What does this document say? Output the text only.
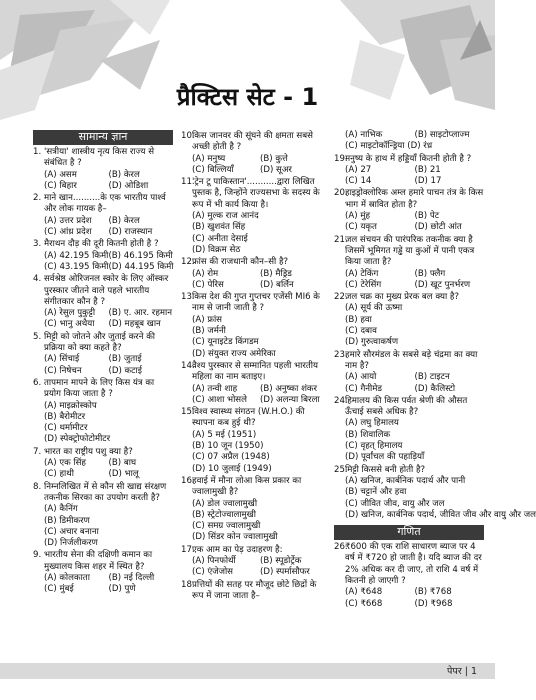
प्रैक्टिस सेट - 1
सामान्य ज्ञान
1. 'सत्रीया' शास्त्रीय नृत्य किस राज्य से संबंधित है ?
(A) असम	(B) केरल
(C) बिहार	(D) ओडिशा
2. माने खान..........के एक भारतीय पार्श्व और लोक गायक है–
(A) उत्तर प्रदेश	(B) केरल
(C) आंध्र प्रदेश	(D) राजस्थान
3. मैराथन दौड़ की दूरी कितनी होती है ?
(A) 42.195 किमी (B) 46.195 किमी
(C) 43.195 किमी (D) 44.195 किमी
4. सर्वश्रेष्ठ ओरिजनल स्कोर के लिए ऑस्कर पुरस्कार जीतने वाले पहले भारतीय संगीतकार कौन है ?
(A) रेसुल पुकुट्टी	(B) ए. आर. रहमान
(C) भानु अथैया	(D) महबूब खान
5. मिट्टी को जोतने और जुताई करने की प्रक्रिया को क्या कहते है?
(A) सिंचाई	(B) जुताई
(C) निषेचन	(D) कटाई
6. तापमान मापने के लिए किस यंत्र का प्रयोग किया जाता है ?
(A) माइक्रोस्कोप
(B) बैरोमीटर
(C) थर्मामीटर
(D) स्पेक्ट्रोफोटोमीटर
7. भारत का राष्ट्रीय पशु क्या है?
(A) एक सिंह	(B) बाघ
(C) हाथी	(D) भालू
8. निम्नलिखित में से कौन सी खाद्य संरक्षण तकनीक सिरका का उपयोग करती है?
(A) कैनिंग
(B) डिमीकरण
(C) अचार बनाना
(D) निर्जलीकरण
9. भारतीय सेना की दक्षिणी कमान का मुख्यालय किस शहर में स्थित है?
(A) कोलकाता	(B) नई दिल्ली
(C) मुंबई	(D) पुणे
10.
किस जानवर की सूंघने की क्षमता सबसे अच्छी होती है ?
(A) मनुष्य	(B) कुत्ते
(C) बिल्लियाँ	(D) सूअर
11.
'ट्रेन टू पाकिस्तान'...........द्वारा लिखित पुस्तक है, जिन्होंने राज्यसभा के सदस्य के रूप में भी कार्य किया है।
(A) मुल्क राज आनंद
(B) खुशवंत सिंह
(C) अनीता देसाई
(D) विक्रम सेठ
12.
फ्रांस की राजधानी कौन–सी है?
(A) रोम	(B) मैड्रिड
(C) पेरिस	(D) बर्लिन
13.
किस देश की गुप्त गुप्तचर एजेंसी MI6 के नाम से जानी जाती है ?
(A) फ्रांस
(B) जर्मनी
(C) यूनाइटेड किंगडम
(D) संयुक्त राज्य अमेरिका
14.
वैश्य पुरस्कार से सम्मानित पहली भारतीय महिला का नाम बताइए।
(A) तन्वी शाह	(B) अनुष्का शंकर
(C) आशा भोसले	(D) अलन्या बिरला
15.
विश्व स्वास्थ्य संगठन (W.H.O.) की स्थापना कब हुई थी?
(A) 5 मई (1951)
(B) 10 जून (1950)
(C) 07 अप्रैल (1948)
(D) 10 जुलाई (1949)
16.
हवाई में मौना लोआ किस प्रकार का ज्वालामुखी है?
(A) डोल ज्वालामुखी
(B) स्ट्रेटोज्वालामुखी
(C) समग्र ज्वालामुखी
(D) सिंडर कोन ज्वालामुखी
17.
एक आम का पेड़ उदाहरण है:
(A) पिनफोर्थी	(B) स्पूडोर्ट्रेक
(C) एंजेजोस	(D) स्पर्मासौफर
18.
पत्तियों की सतह पर मौजूद छोटे छिद्रों के रूप में जाना जाता है–
(A) नाभिक	(B) साइटोप्लाज्म
(C) माइटोकॉन्ड्रिया (D) रंध्र
19.
मनुष्य के हाथ में हड्डियाँ कितनी होती है ?
(A) 27	(B) 21
(C) 14	(D) 17
20.
हाइड्रोक्लोरिक अम्ल हमारे पाचन तंत्र के किस भाग में स्रावित होता है?
(A) मुंह	(B) पेट
(C) यकृत	(D) छोटी आंत
21.
जल संचयन की पारंपरिक तकनीक क्या है जिसमें भूमिगत गड्ढे या कुओं में पानी एकत्र किया जाता है?
(A) टेकिंग	(B) फ्लैग
(C) टेरेसिंग	(D) खूट पुनर्भरण
22.
जल चक्र का मुख्य प्रेरक बल क्या है?
(A) सूर्य की ऊष्मा
(B) हवा
(C) दबाव
(D) गुरुत्वाकर्षण
23.
हमारे सौरमंडल के सबसे बड़े चंद्रमा का क्या नाम है?
(A) आयो	(B) टाइटन
(C) गैनीमेड	(D) कैलिस्टो
24.
हिमालय की किस पर्वत श्रेणी की औसत ऊँचाई सबसे अधिक है?
(A) लघु हिमालय
(B) शिवालिक
(C) वृहत् हिमालय
(D) पूर्वांचल की पहाड़ियाँ
25.
मिट्टी किससे बनी होती है?
(A) खनिज, कार्बनिक पदार्थ और पानी
(B) चट्टानें और हवा
(C) जीवित जीव, वायु और जल
(D) खनिज, कार्बनिक पदार्थ, जीवित जीव और वायु और जल
गणित
26.
₹600 की एक राशि साधारण ब्याज पर 4 वर्ष में ₹720 हो जाती है। यदि ब्याज की दर 2% अधिक कर दी जाए, तो राशि 4 वर्ष में कितनी हो जाएगी ?
(A) ₹648	(B) ₹768
(C) ₹668	(D) ₹968
पेपर | 1
